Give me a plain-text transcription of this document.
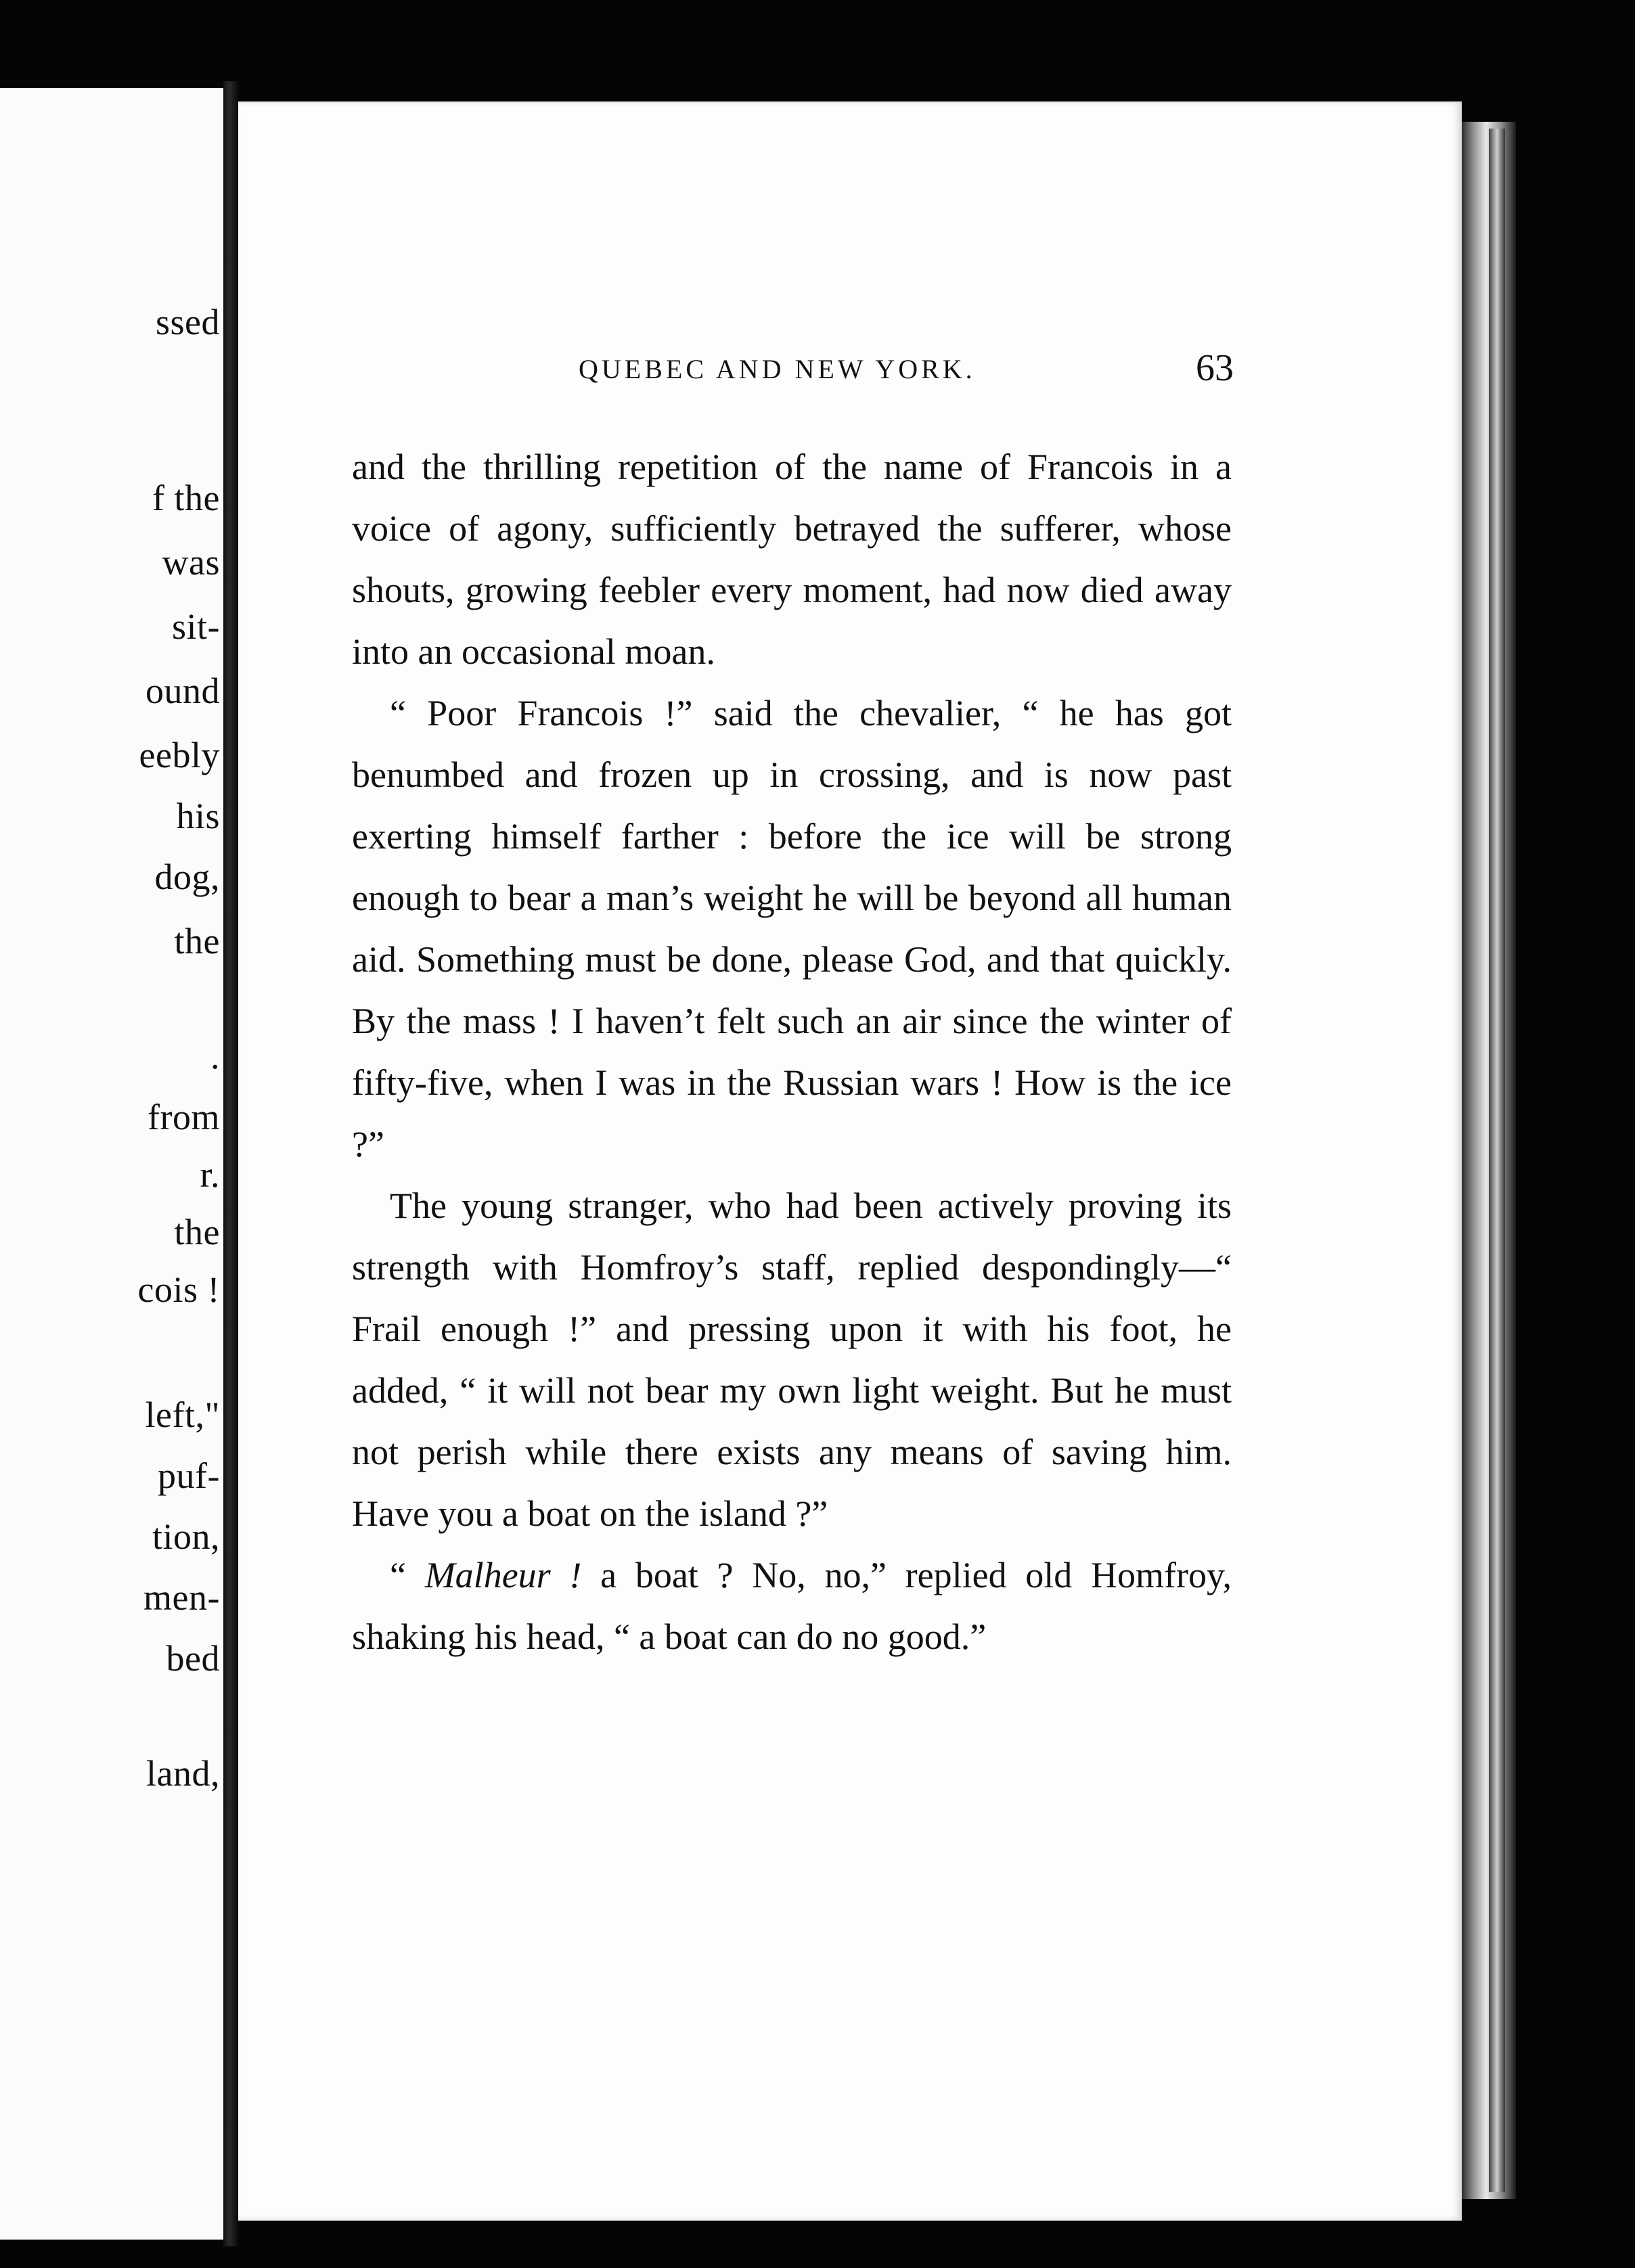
ssed
f the
was
sit-
ound
eebly
his
dog,
the
.
from
r.
the
cois !
left,"
puf-
tion,
men-
bed
land,
QUEBEC AND NEW YORK.	63

and the thrilling repetition of the name of Francois in a voice of agony, sufficiently betrayed the sufferer, whose shouts, growing feebler every moment, had now died away into an occasional moan.

“ Poor Francois !” said the chevalier, “ he has got benumbed and frozen up in crossing, and is now past exerting himself farther : before the ice will be strong enough to bear a man’s weight he will be beyond all human aid. Something must be done, please God, and that quickly. By the mass ! I haven’t felt such an air since the winter of fifty-five, when I was in the Russian wars ! How is the ice ?”

The young stranger, who had been actively proving its strength with Homfroy’s staff, replied despondingly—“ Frail enough !” and pressing upon it with his foot, he added, “ it will not bear my own light weight. But he must not perish while there exists any means of saving him. Have you a boat on the island ?”

“ Malheur ! a boat ? No, no,” replied old Homfroy, shaking his head, “ a boat can do no good.”
